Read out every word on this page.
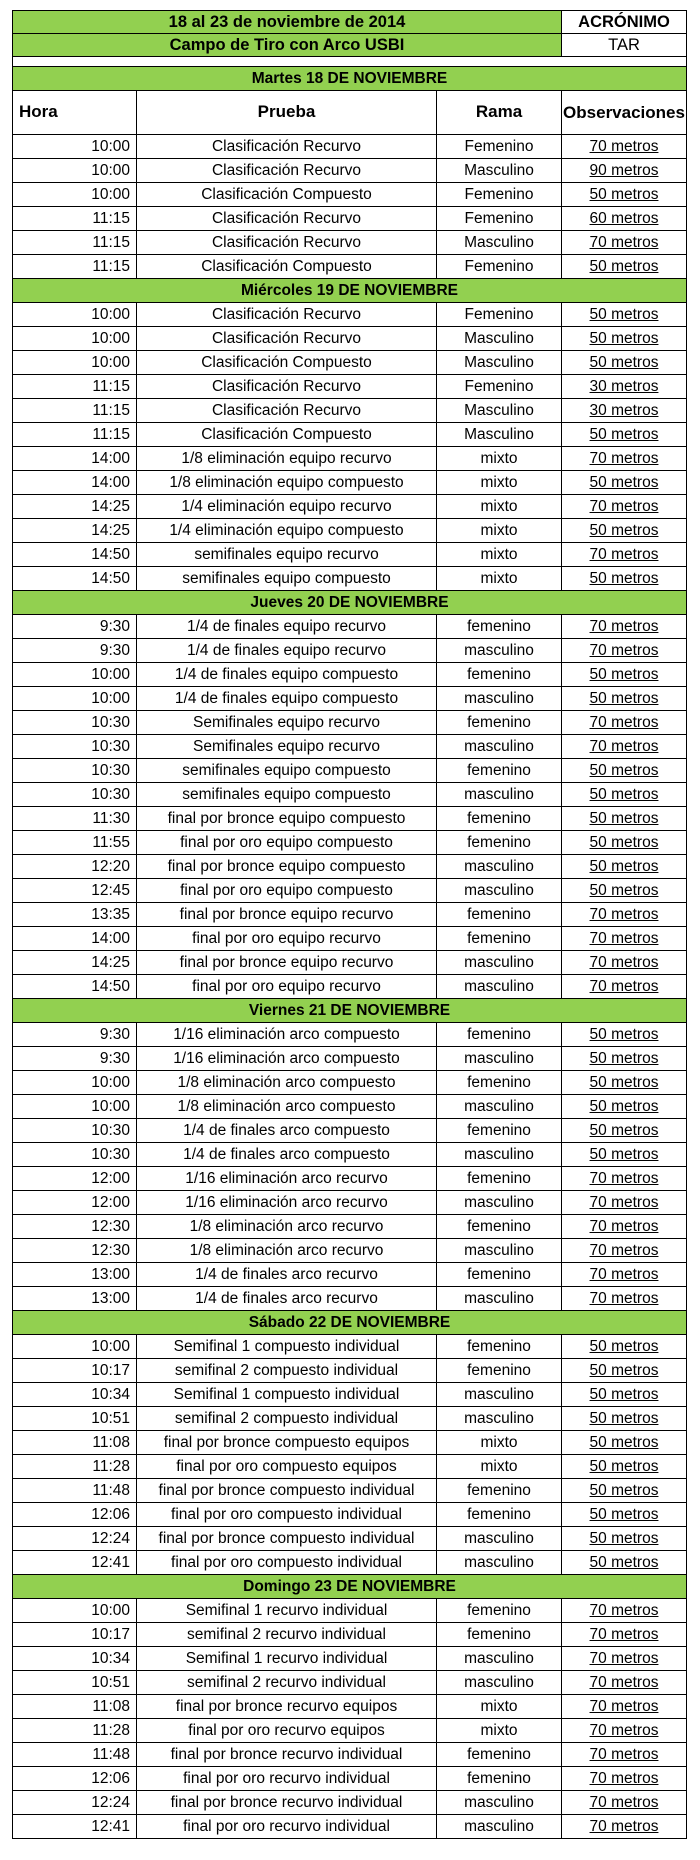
18 al 23 de noviembre de 2014			ACRÓNIMO
Campo de Tiro con Arco USBI			TAR

Martes 18 DE NOVIEMBRE			
Hora	Prueba	Rama	Observaciones
10:00	Clasificación Recurvo	Femenino	70 metros
10:00	Clasificación Recurvo	Masculino	90 metros
10:00	Clasificación Compuesto	Femenino	50 metros
11:15	Clasificación Recurvo	Femenino	60 metros
11:15	Clasificación Recurvo	Masculino	70 metros
11:15	Clasificación Compuesto	Femenino	50 metros
Miércoles 19 DE NOVIEMBRE			
10:00	Clasificación Recurvo	Femenino	50 metros
10:00	Clasificación Recurvo	Masculino	50 metros
10:00	Clasificación Compuesto	Masculino	50 metros
11:15	Clasificación Recurvo	Femenino	30 metros
11:15	Clasificación Recurvo	Masculino	30 metros
11:15	Clasificación Compuesto	Masculino	50 metros
14:00	1/8 eliminación equipo recurvo	mixto	70 metros
14:00	1/8 eliminación equipo compuesto	mixto	50 metros
14:25	1/4 eliminación equipo recurvo	mixto	70 metros
14:25	1/4 eliminación equipo compuesto	mixto	50 metros
14:50	semifinales equipo recurvo	mixto	70 metros
14:50	semifinales equipo compuesto	mixto	50 metros
Jueves 20 DE NOVIEMBRE			
9:30	1/4 de finales equipo recurvo	femenino	70 metros
9:30	1/4 de finales equipo recurvo	masculino	70 metros
10:00	1/4 de finales equipo compuesto	femenino	50 metros
10:00	1/4 de finales equipo compuesto	masculino	50 metros
10:30	Semifinales equipo recurvo	femenino	70 metros
10:30	Semifinales equipo recurvo	masculino	70 metros
10:30	semifinales equipo compuesto	femenino	50 metros
10:30	semifinales equipo compuesto	masculino	50 metros
11:30	final por bronce equipo compuesto	femenino	50 metros
11:55	final por oro equipo compuesto	femenino	50 metros
12:20	final por bronce equipo compuesto	masculino	50 metros
12:45	final por oro equipo compuesto	masculino	50 metros
13:35	final por bronce equipo recurvo	femenino	70 metros
14:00	final por oro equipo recurvo	femenino	70 metros
14:25	final por bronce equipo recurvo	masculino	70 metros
14:50	final por oro equipo recurvo	masculino	70 metros
Viernes 21 DE NOVIEMBRE			
9:30	1/16 eliminación arco compuesto	femenino	50 metros
9:30	1/16 eliminación arco compuesto	masculino	50 metros
10:00	1/8 eliminación arco compuesto	femenino	50 metros
10:00	1/8 eliminación arco compuesto	masculino	50 metros
10:30	1/4 de finales arco compuesto	femenino	50 metros
10:30	1/4 de finales arco compuesto	masculino	50 metros
12:00	1/16 eliminación arco recurvo	femenino	70 metros
12:00	1/16 eliminación arco recurvo	masculino	70 metros
12:30	1/8 eliminación arco recurvo	femenino	70 metros
12:30	1/8 eliminación arco recurvo	masculino	70 metros
13:00	1/4 de finales arco recurvo	femenino	70 metros
13:00	1/4 de finales arco recurvo	masculino	70 metros
Sábado 22 DE NOVIEMBRE			
10:00	Semifinal 1 compuesto individual	femenino	50 metros
10:17	semifinal 2 compuesto individual	femenino	50 metros
10:34	Semifinal 1 compuesto individual	masculino	50 metros
10:51	semifinal 2 compuesto individual	masculino	50 metros
11:08	final por bronce compuesto equipos	mixto	50 metros
11:28	final por oro compuesto equipos	mixto	50 metros
11:48	final por bronce compuesto individual	femenino	50 metros
12:06	final por oro compuesto individual	femenino	50 metros
12:24	final por bronce compuesto individual	masculino	50 metros
12:41	final por oro compuesto individual	masculino	50 metros
Domingo 23 DE NOVIEMBRE			
10:00	Semifinal 1 recurvo individual	femenino	70 metros
10:17	semifinal 2 recurvo individual	femenino	70 metros
10:34	Semifinal 1 recurvo individual	masculino	70 metros
10:51	semifinal 2 recurvo individual	masculino	70 metros
11:08	final por bronce recurvo equipos	mixto	70 metros
11:28	final por oro recurvo equipos	mixto	70 metros
11:48	final por bronce recurvo individual	femenino	70 metros
12:06	final por oro recurvo individual	femenino	70 metros
12:24	final por bronce recurvo individual	masculino	70 metros
12:41	final por oro recurvo individual	masculino	70 metros
